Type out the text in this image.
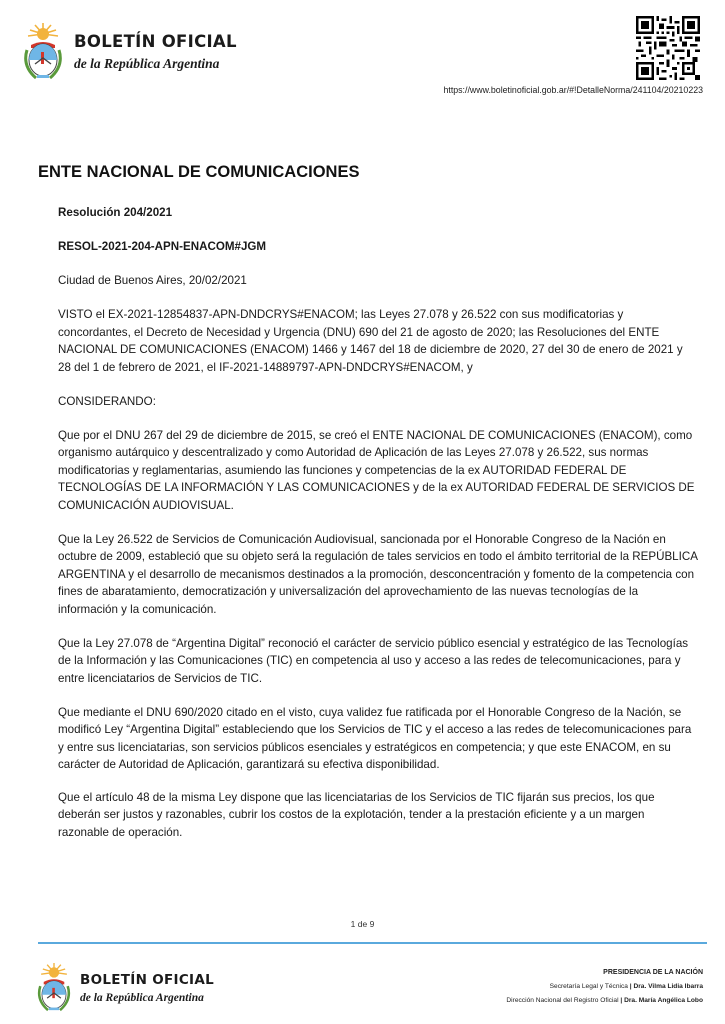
BOLETÍN OFICIAL

de la República Argentina

https://www.boletinoficial.gob.ar/#!DetalleNorma/241104/20210223

ENTE NACIONAL DE COMUNICACIONES

Resolución 204/2021

RESOL-2021-204-APN-ENACOM#JGM

Ciudad de Buenos Aires, 20/02/2021

VISTO el EX-2021-12854837-APN-DNDCRYS#ENACOM; las Leyes 27.078 y 26.522 con sus modificatorias y concordantes, el Decreto de Necesidad y Urgencia (DNU) 690 del 21 de agosto de 2020; las Resoluciones del ENTE NACIONAL DE COMUNICACIONES (ENACOM) 1466 y 1467 del 18 de diciembre de 2020, 27 del 30 de enero de 2021 y 28 del 1 de febrero de 2021, el IF-2021-14889797-APN-DNDCRYS#ENACOM, y

CONSIDERANDO:

Que por el DNU 267 del 29 de diciembre de 2015, se creó el ENTE NACIONAL DE COMUNICACIONES (ENACOM), como organismo autárquico y descentralizado y como Autoridad de Aplicación de las Leyes 27.078 y 26.522, sus normas modificatorias y reglamentarias, asumiendo las funciones y competencias de la ex AUTORIDAD FEDERAL DE TECNOLOGÍAS DE LA INFORMACIÓN Y LAS COMUNICACIONES y de la ex AUTORIDAD FEDERAL DE SERVICIOS DE COMUNICACIÓN AUDIOVISUAL.

Que la Ley 26.522 de Servicios de Comunicación Audiovisual, sancionada por el Honorable Congreso de la Nación en octubre de 2009, estableció que su objeto será la regulación de tales servicios en todo el ámbito territorial de la REPÚBLICA ARGENTINA y el desarrollo de mecanismos destinados a la promoción, desconcentración y fomento de la competencia con fines de abaratamiento, democratización y universalización del aprovechamiento de las nuevas tecnologías de la información y la comunicación.

Que la Ley 27.078 de “Argentina Digital” reconoció el carácter de servicio público esencial y estratégico de las Tecnologías de la Información y las Comunicaciones (TIC) en competencia al uso y acceso a las redes de telecomunicaciones, para y entre licenciatarios de Servicios de TIC.

Que mediante el DNU 690/2020 citado en el visto, cuya validez fue ratificada por el Honorable Congreso de la Nación, se modificó Ley “Argentina Digital” estableciendo que los Servicios de TIC y el acceso a las redes de telecomunicaciones para y entre sus licenciatarias, son servicios públicos esenciales y estratégicos en competencia; y que este ENACOM, en su carácter de Autoridad de Aplicación, garantizará su efectiva disponibilidad.

Que el artículo 48 de la misma Ley dispone que las licenciatarias de los Servicios de TIC fijarán sus precios, los que deberán ser justos y razonables, cubrir los costos de la explotación, tender a la prestación eficiente y a un margen razonable de operación.

1 de 9

BOLETÍN OFICIAL

de la República Argentina

PRESIDENCIA DE LA NACIÓN

Secretaría Legal y Técnica | Dra. Vilma Lidia Ibarra

Dirección Nacional del Registro Oficial | Dra. María Angélica Lobo
